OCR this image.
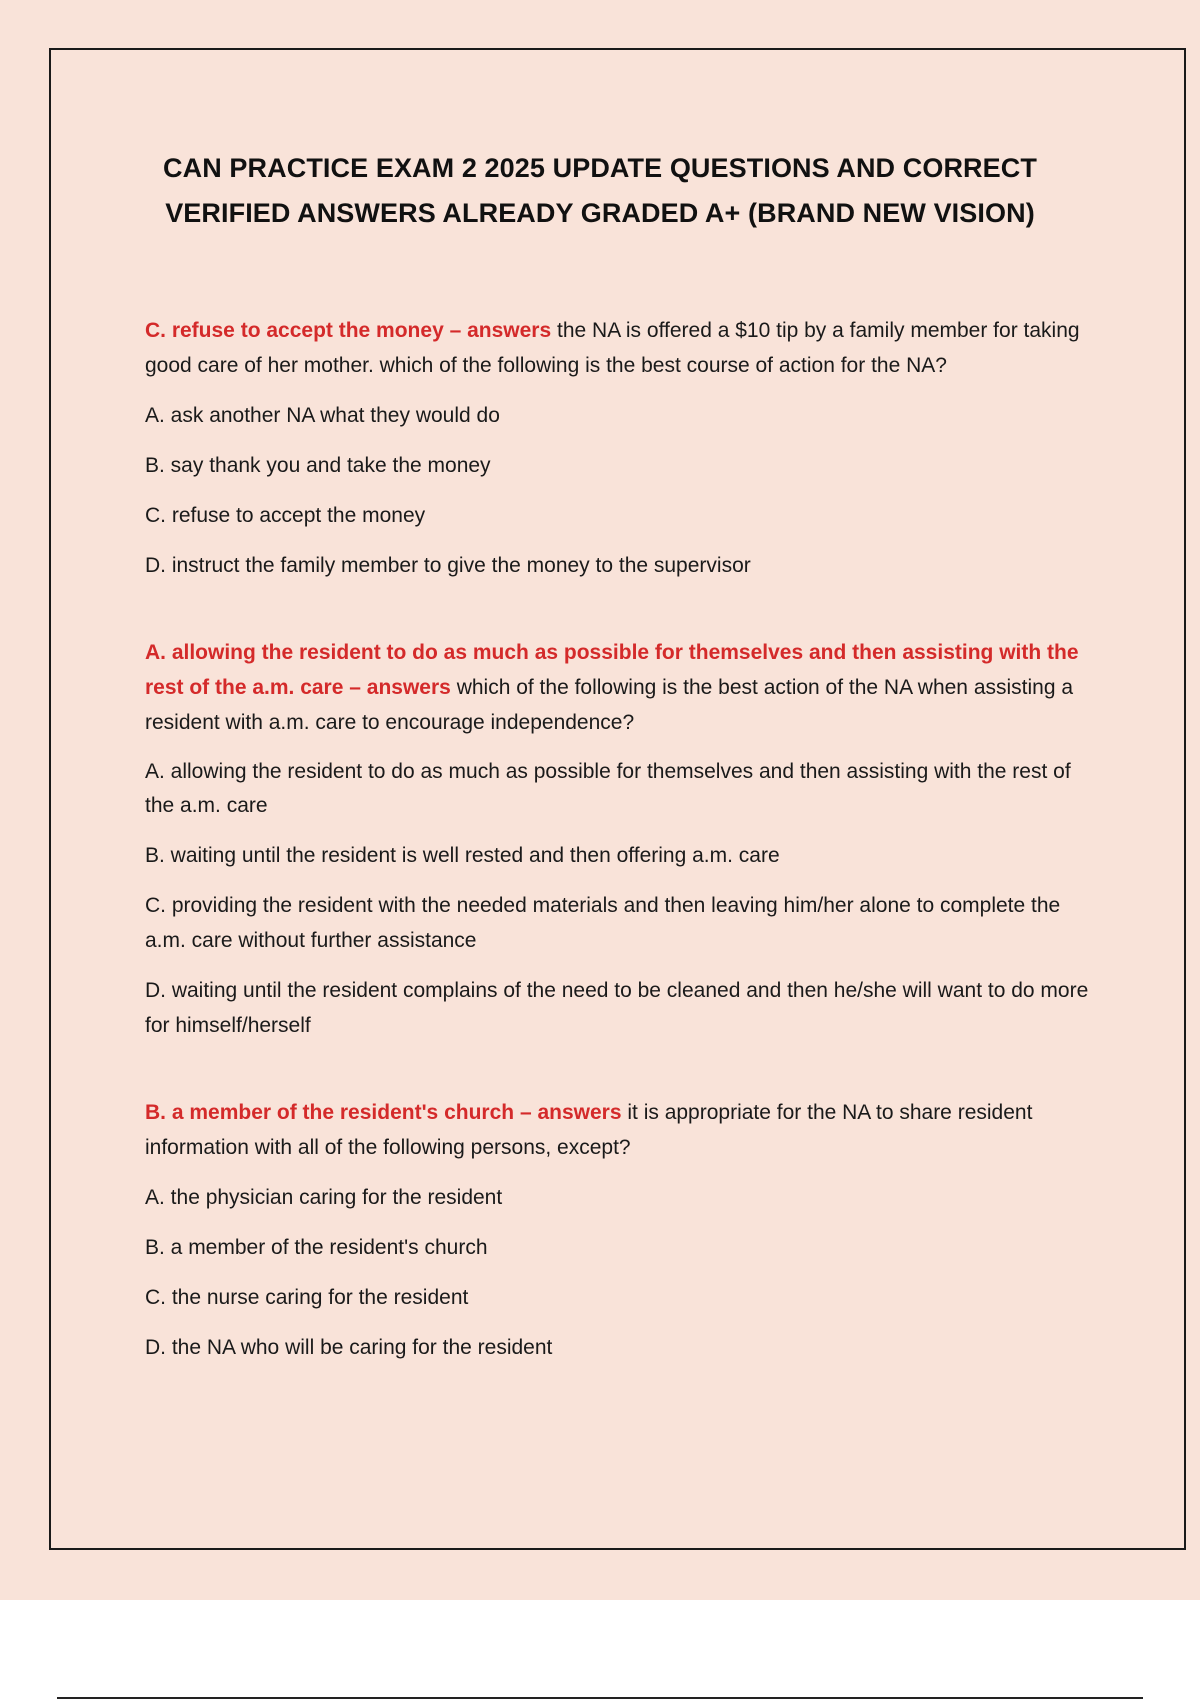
CAN PRACTICE EXAM 2 2025 UPDATE QUESTIONS AND CORRECT
VERIFIED ANSWERS ALREADY GRADED A+ (BRAND NEW VISION)

C. refuse to accept the money – answers the NA is offered a $10 tip by a family member for taking good care of her mother. which of the following is the best course of action for the NA?

A. ask another NA what they would do
B. say thank you and take the money
C. refuse to accept the money
D. instruct the family member to give the money to the supervisor

A. allowing the resident to do as much as possible for themselves and then assisting with the rest of the a.m. care – answers which of the following is the best action of the NA when assisting a resident with a.m. care to encourage independence?

A. allowing the resident to do as much as possible for themselves and then assisting with the rest of the a.m. care
B. waiting until the resident is well rested and then offering a.m. care
C. providing the resident with the needed materials and then leaving him/her alone to complete the a.m. care without further assistance
D. waiting until the resident complains of the need to be cleaned and then he/she will want to do more for himself/herself

B. a member of the resident's church – answers it is appropriate for the NA to share resident information with all of the following persons, except?

A. the physician caring for the resident
B. a member of the resident's church
C. the nurse caring for the resident
D. the NA who will be caring for the resident
